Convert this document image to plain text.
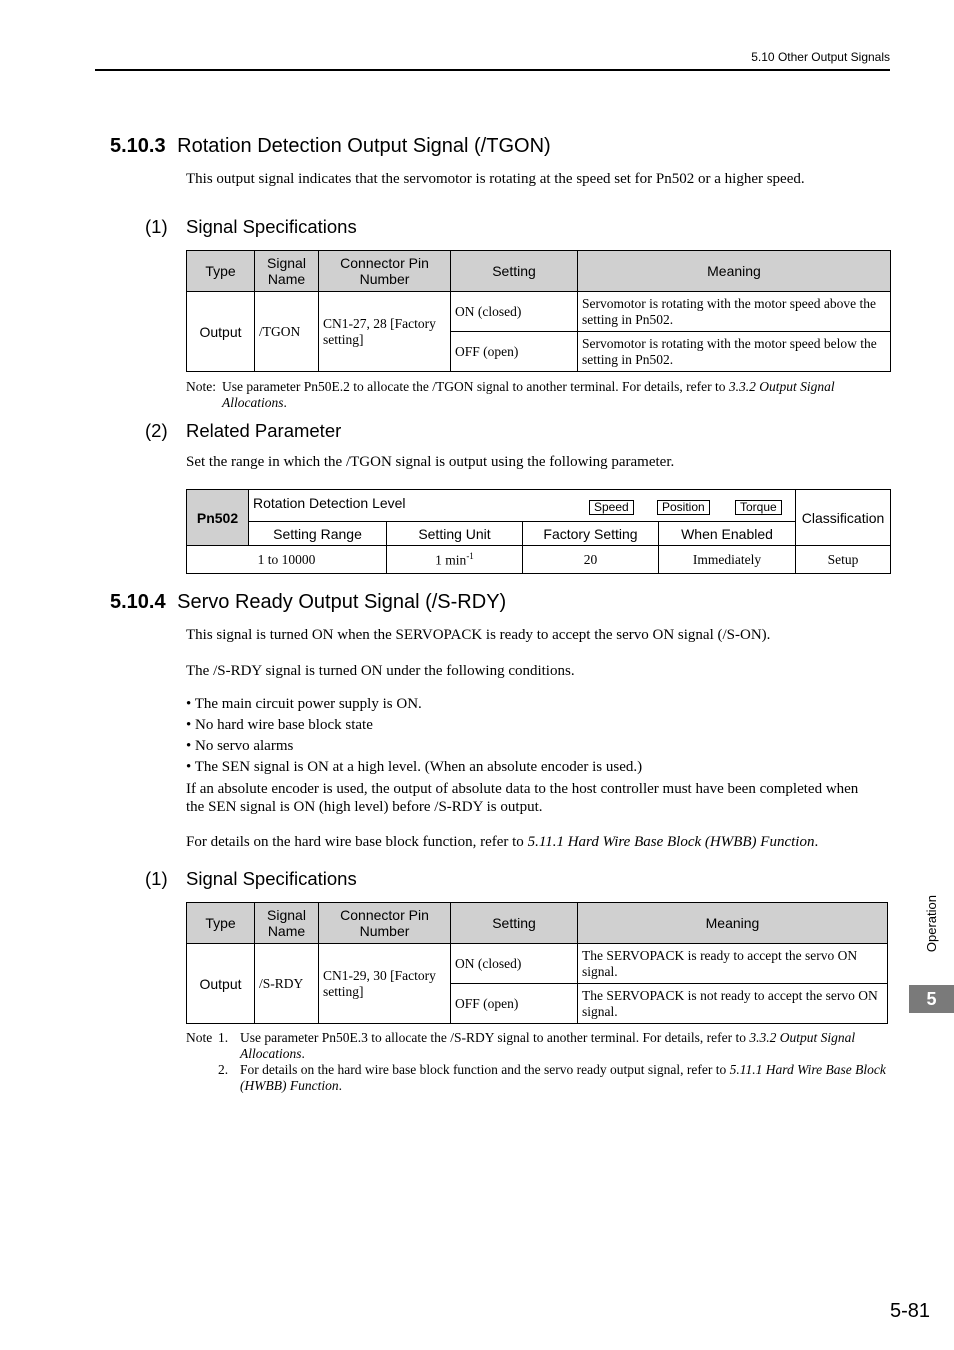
5.10 Other Output Signals
5.10.3 Rotation Detection Output Signal (/TGON)
This output signal indicates that the servomotor is rotating at the speed set for Pn502 or a higher speed.
(1) Signal Specifications
Type	Signal Name	Connector Pin Number	Setting	Meaning
Output	/TGON	CN1-27, 28 [Factory setting]	ON (closed)	Servomotor is rotating with the motor speed above the setting in Pn502.
			OFF (open)	Servomotor is rotating with the motor speed below the setting in Pn502.
Note: Use parameter Pn50E.2 to allocate the /TGON signal to another terminal. For details, refer to 3.3.2 Output Signal Allocations.
(2) Related Parameter
Set the range in which the /TGON signal is output using the following parameter.
Pn502	Rotation Detection Level Speed Position Torque				Classification
	Setting Range	Setting Unit	Factory Setting	When Enabled	
1 to 10000		1 $\min^{-1}$	20	Immediately	Setup
5.10.4 Servo Ready Output Signal (/S-RDY)
This signal is turned ON when the SERVOPACK is ready to accept the servo ON signal (/S-ON).
The /S-RDY signal is turned ON under the following conditions.
• The main circuit power supply is ON.
• No hard wire base block state
• No servo alarms
• The SEN signal is ON at a high level. (When an absolute encoder is used.)
If an absolute encoder is used, the output of absolute data to the host controller must have been completed when the SEN signal is ON (high level) before /S-RDY is output.
For details on the hard wire base block function, refer to 5.11.1 Hard Wire Base Block (HWBB) Function.
(1) Signal Specifications
Type	Signal Name	Connector Pin Number	Setting	Meaning
Output	/S-RDY	CN1-29, 30 [Factory setting]	ON (closed)	The SERVOPACK is ready to accept the servo ON signal.
			OFF (open)	The SERVOPACK is not ready to accept the servo ON signal.
Note 1. Use parameter Pn50E.3 to allocate the /S-RDY signal to another terminal. For details, refer to 3.3.2 Output Signal Allocations.
2. For details on the hard wire base block function and the servo ready output signal, refer to 5.11.1 Hard Wire Base Block (HWBB) Function.
Operation
5
5-81
